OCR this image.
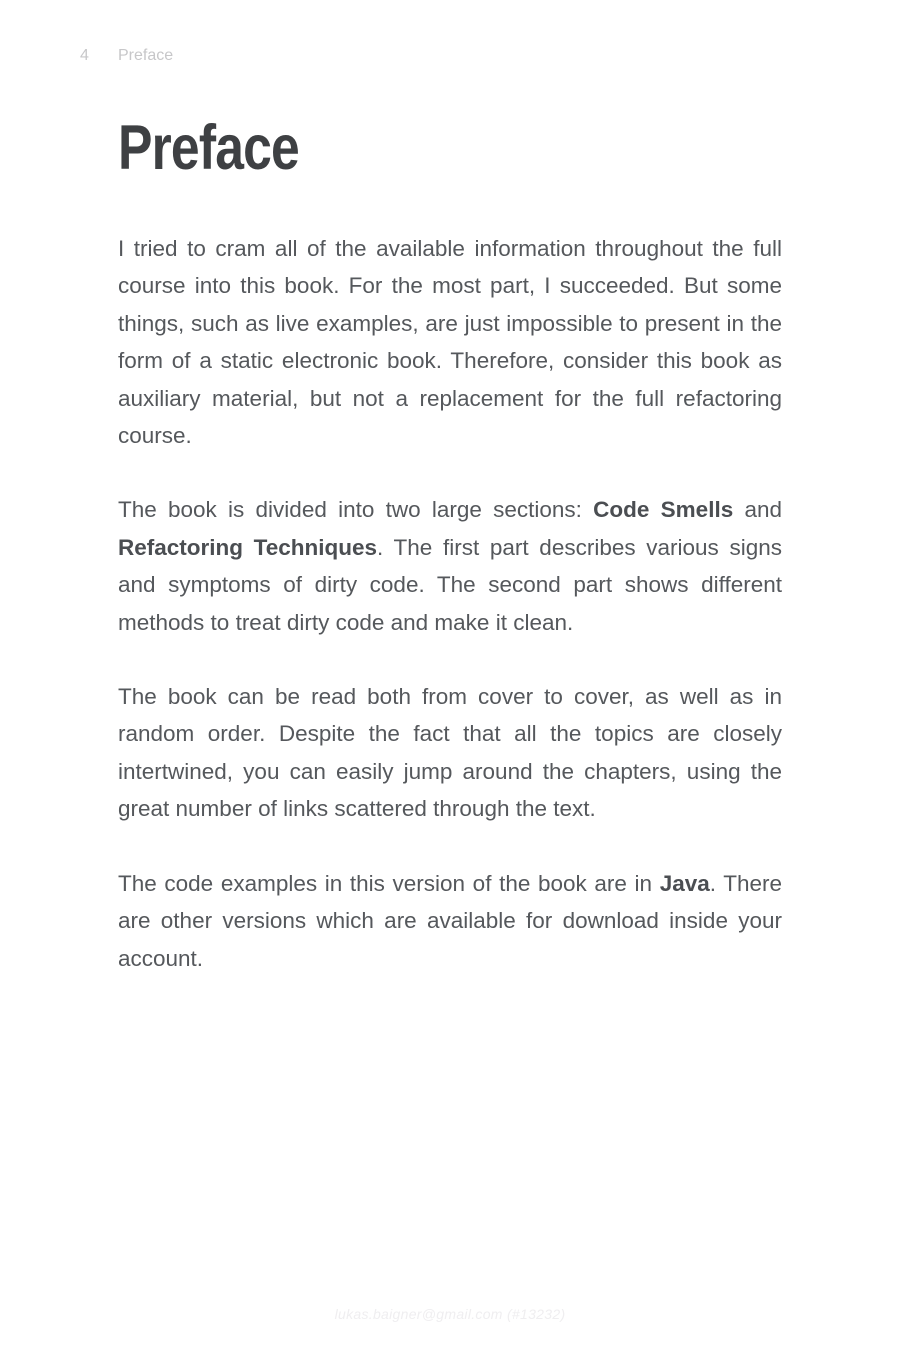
4	Preface
Preface

I tried to cram all of the available information throughout the full course into this book. For the most part, I succeeded. But some things, such as live examples, are just impossible to present in the form of a static electronic book. Therefore, consider this book as auxiliary material, but not a replacement for the full refactoring course.

The book is divided into two large sections: Code Smells and Refactoring Techniques. The first part describes various signs and symptoms of dirty code. The second part shows different methods to treat dirty code and make it clean.

The book can be read both from cover to cover, as well as in random order. Despite the fact that all the topics are closely intertwined, you can easily jump around the chapters, using the great number of links scattered through the text.

The code examples in this version of the book are in Java. There are other versions which are available for download inside your account.

lukas.baigner@gmail.com (#13232)
